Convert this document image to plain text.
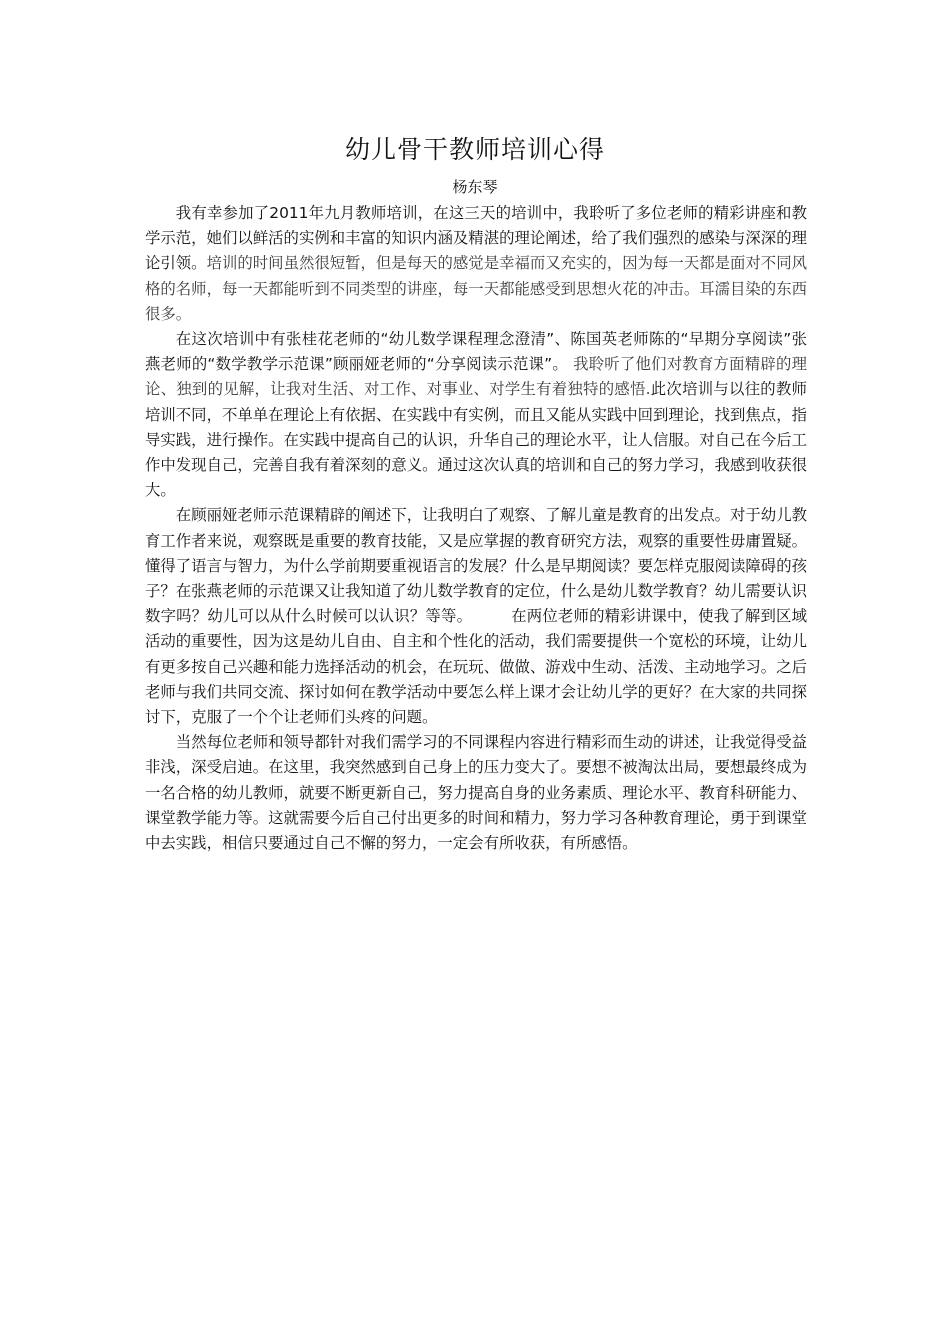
幼儿骨干教师培训心得
杨东琴

我有幸参加了2011年九月教师培训，在这三天的培训中，我聆听了多位老师的精彩讲座和教学示范，她们以鲜活的实例和丰富的知识内涵及精湛的理论阐述，给了我们强烈的感染与深深的理论引领。培训的时间虽然很短暂，但是每天的感觉是幸福而又充实的，因为每一天都是面对不同风格的名师，每一天都能听到不同类型的讲座，每一天都能感受到思想火花的冲击。耳濡目染的东西很多。

在这次培训中有张桂花老师的“幼儿数学课程理念澄清”、陈国英老师陈的“早期分享阅读”张燕老师的“数学教学示范课”顾丽娅老师的“分享阅读示范课”。 我聆听了他们对教育方面精辟的理论、独到的见解，让我对生活、对工作、对事业、对学生有着独特的感悟.此次培训与以往的教师培训不同，不单单在理论上有依据、在实践中有实例，而且又能从实践中回到理论，找到焦点，指导实践，进行操作。在实践中提高自己的认识，升华自己的理论水平，让人信服。对自己在今后工作中发现自己，完善自我有着深刻的意义。通过这次认真的培训和自己的努力学习，我感到收获很大。

在顾丽娅老师示范课精辟的阐述下，让我明白了观察、了解儿童是教育的出发点。对于幼儿教育工作者来说，观察既是重要的教育技能，又是应掌握的教育研究方法，观察的重要性毋庸置疑。懂得了语言与智力，为什么学前期要重视语言的发展？什么是早期阅读？要怎样克服阅读障碍的孩子？在张燕老师的示范课又让我知道了幼儿数学教育的定位，什么是幼儿数学教育？幼儿需要认识数字吗？幼儿可以从什么时候可以认识？等等。　　　在两位老师的精彩讲课中，使我了解到区域活动的重要性，因为这是幼儿自由、自主和个性化的活动，我们需要提供一个宽松的环境，让幼儿有更多按自己兴趣和能力选择活动的机会，在玩玩、做做、游戏中生动、活泼、主动地学习。之后老师与我们共同交流、探讨如何在教学活动中要怎么样上课才会让幼儿学的更好？在大家的共同探讨下，克服了一个个让老师们头疼的问题。

当然每位老师和领导都针对我们需学习的不同课程内容进行精彩而生动的讲述，让我觉得受益非浅，深受启迪。在这里，我突然感到自己身上的压力变大了。要想不被淘汰出局，要想最终成为一名合格的幼儿教师，就要不断更新自己，努力提高自身的业务素质、理论水平、教育科研能力、课堂教学能力等。这就需要今后自己付出更多的时间和精力，努力学习各种教育理论，勇于到课堂中去实践，相信只要通过自己不懈的努力，一定会有所收获，有所感悟。
